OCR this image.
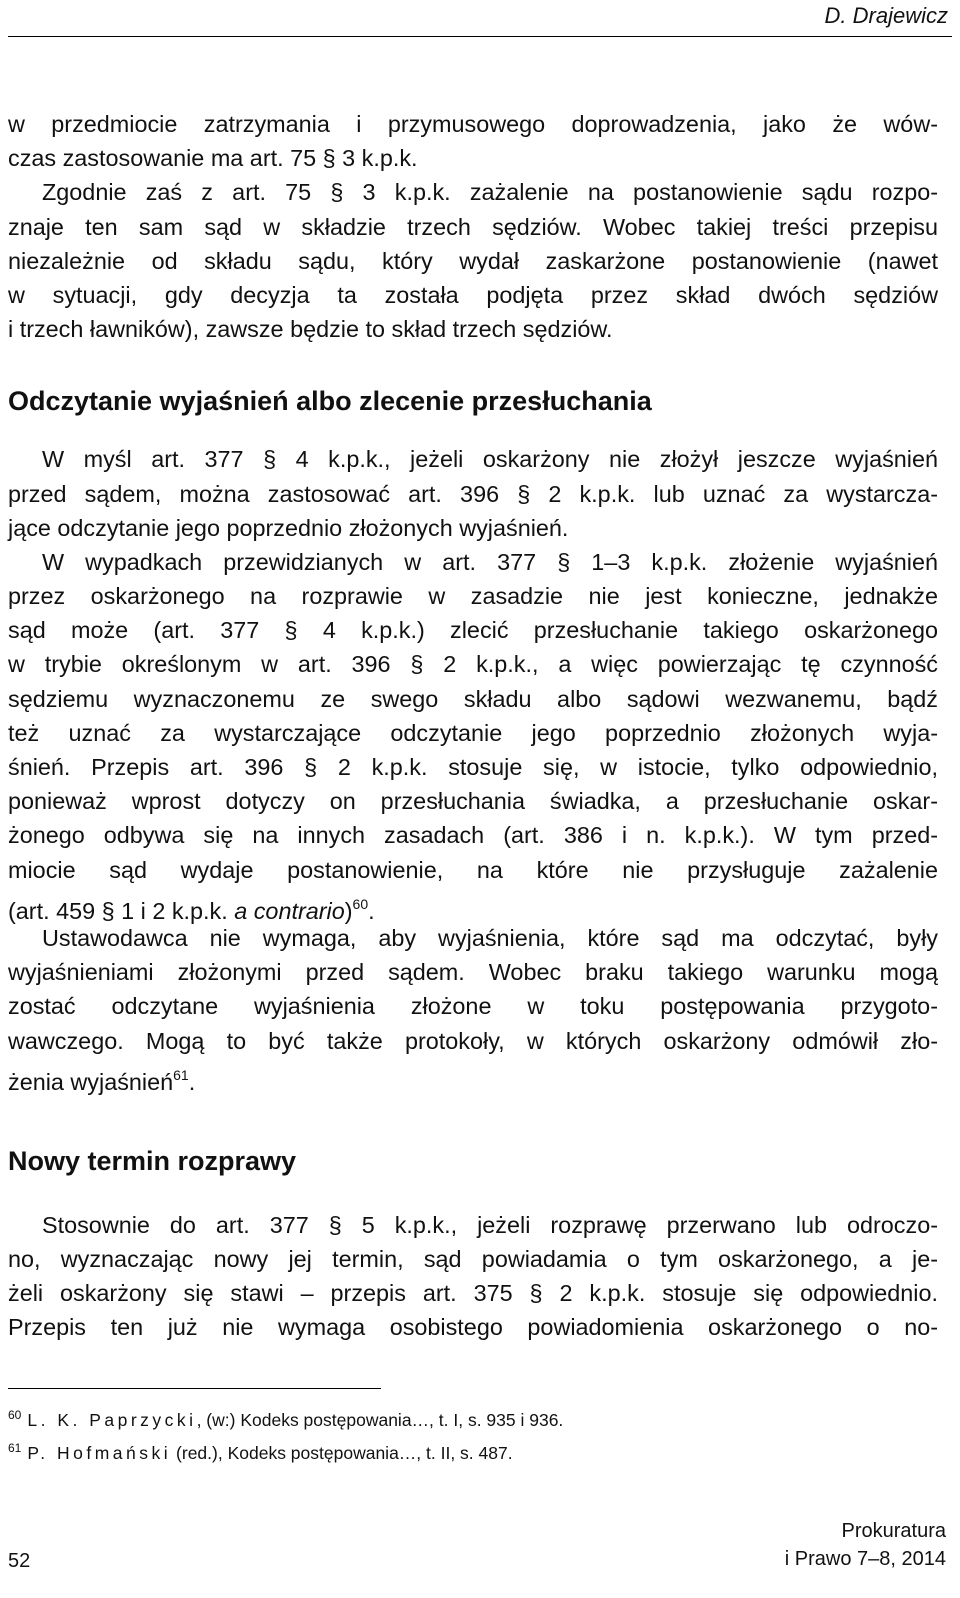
D. Drajewicz
w przedmiocie zatrzymania i przymusowego doprowadzenia, jako że wów-
czas zastosowanie ma art. 75 § 3 k.p.k.
Zgodnie zaś z art. 75 § 3 k.p.k. zażalenie na postanowienie sądu rozpo-
znaje ten sam sąd w składzie trzech sędziów. Wobec takiej treści przepisu
niezależnie od składu sądu, który wydał zaskarżone postanowienie (nawet
w sytuacji, gdy decyzja ta została podjęta przez skład dwóch sędziów
i trzech ławników), zawsze będzie to skład trzech sędziów.
Odczytanie wyjaśnień albo zlecenie przesłuchania
W myśl art. 377 § 4 k.p.k., jeżeli oskarżony nie złożył jeszcze wyjaśnień
przed sądem, można zastosować art. 396 § 2 k.p.k. lub uznać za wystarcza-
jące odczytanie jego poprzednio złożonych wyjaśnień.
W wypadkach przewidzianych w art. 377 § 1–3 k.p.k. złożenie wyjaśnień
przez oskarżonego na rozprawie w zasadzie nie jest konieczne, jednakże
sąd może (art. 377 § 4 k.p.k.) zlecić przesłuchanie takiego oskarżonego
w trybie określonym w art. 396 § 2 k.p.k., a więc powierzając tę czynność
sędziemu wyznaczonemu ze swego składu albo sądowi wezwanemu, bądź
też uznać za wystarczające odczytanie jego poprzednio złożonych wyja-
śnień. Przepis art. 396 § 2 k.p.k. stosuje się, w istocie, tylko odpowiednio,
ponieważ wprost dotyczy on przesłuchania świadka, a przesłuchanie oskar-
żonego odbywa się na innych zasadach (art. 386 i n. k.p.k.). W tym przed-
miocie sąd wydaje postanowienie, na które nie przysługuje zażalenie
(art. 459 § 1 i 2 k.p.k. a contrario)$^{60}$.
Ustawodawca nie wymaga, aby wyjaśnienia, które sąd ma odczytać, były
wyjaśnieniami złożonymi przed sądem. Wobec braku takiego warunku mogą
zostać odczytane wyjaśnienia złożone w toku postępowania przygoto-
wawczego. Mogą to być także protokoły, w których oskarżony odmówił zło-
żenia wyjaśnień$^{61}$.
Nowy termin rozprawy
Stosownie do art. 377 § 5 k.p.k., jeżeli rozprawę przerwano lub odroczo-
no, wyznaczając nowy jej termin, sąd powiadamia o tym oskarżonego, a je-
żeli oskarżony się stawi – przepis art. 375 § 2 k.p.k. stosuje się odpowiednio.
Przepis ten już nie wymaga osobistego powiadomienia oskarżonego o no-
$^{60}$ L. K. Paprzycki, (w:) Kodeks postępowania…, t. I, s. 935 i 936.
$^{61}$ P. Hofmański (red.), Kodeks postępowania…, t. II, s. 487.
52
Prokuratura
i Prawo 7–8, 2014
